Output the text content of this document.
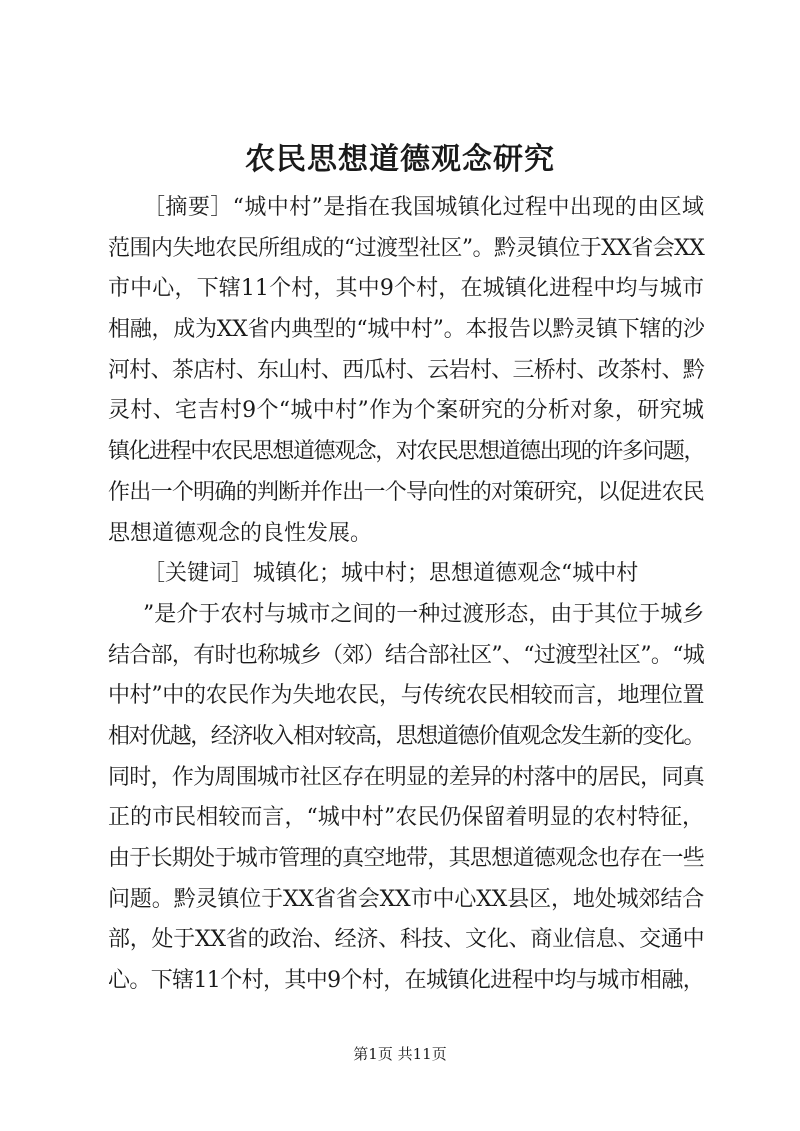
农民思想道德观念研究
［摘要］“城中村”是指在我国城镇化过程中出现的由区域
范围内失地农民所组成的“过渡型社区”。黔灵镇位于XX省会XX
市中心，下辖11个村，其中9个村，在城镇化进程中均与城市
相融，成为XX省内典型的“城中村”。本报告以黔灵镇下辖的沙
河村、茶店村、东山村、西瓜村、云岩村、三桥村、改茶村、黔
灵村、宅吉村9个“城中村”作为个案研究的分析对象，研究城
镇化进程中农民思想道德观念，对农民思想道德出现的许多问题，
作出一个明确的判断并作出一个导向性的对策研究，以促进农民
思想道德观念的良性发展。
［关键词］城镇化；城中村；思想道德观念“城中村
”是介于农村与城市之间的一种过渡形态，由于其位于城乡
结合部，有时也称城乡（郊）结合部社区”、“过渡型社区”。“城
中村”中的农民作为失地农民，与传统农民相较而言，地理位置
相对优越，经济收入相对较高，思想道德价值观念发生新的变化。
同时，作为周围城市社区存在明显的差异的村落中的居民，同真
正的市民相较而言，“城中村”农民仍保留着明显的农村特征，
由于长期处于城市管理的真空地带，其思想道德观念也存在一些
问题。黔灵镇位于XX省省会XX市中心XX县区，地处城郊结合
部，处于XX省的政治、经济、科技、文化、商业信息、交通中
心。下辖11个村，其中9个村，在城镇化进程中均与城市相融，
第1页 共11页
